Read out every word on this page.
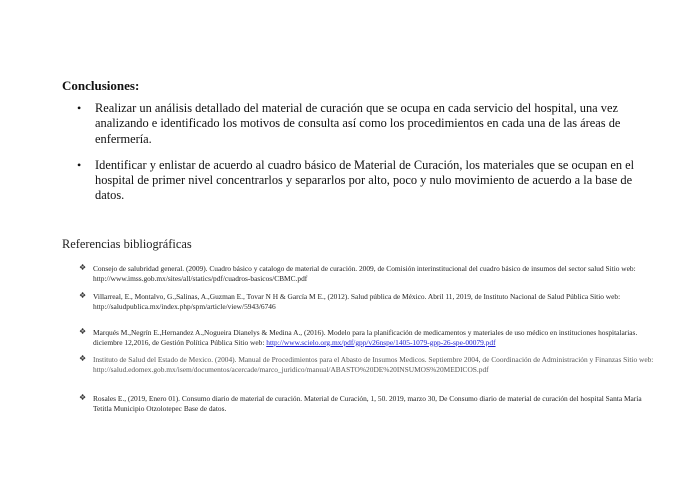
Conclusiones:
• Realizar un análisis detallado del material de curación que se ocupa en cada servicio del hospital, una vez analizando e identificado los motivos de consulta así como los procedimientos en cada una de las áreas de enfermería.
• Identificar y enlistar de acuerdo al cuadro básico de Material de Curación, los materiales que se ocupan en el hospital de primer nivel concentrarlos y separarlos por alto, poco y nulo movimiento de acuerdo a la base de datos.
Referencias bibliográficas
❖ Consejo de salubridad general. (2009). Cuadro básico y catalogo de material de curación. 2009, de Comisión interinstitucional del cuadro básico de insumos del sector salud Sitio web: http://www.imss.gob.mx/sites/all/statics/pdf/cuadros-basicos/CBMC.pdf
❖ Villarreal, E., Montalvo, G.,Salinas, A.,Guzman E., Tovar N H & García M E., (2012). Salud pública de México. Abril 11, 2019, de Instituto Nacional de Salud Pública Sitio web: http://saludpublica.mx/index.php/spm/article/view/5943/6746
❖ Marqués M.,Negrín E.,Hernandez A.,Nogueira Dianelys & Medina A., (2016). Modelo para la planificación de medicamentos y materiales de uso médico en instituciones hospitalarias. diciembre 12,2016, de Gestión Política Pública Sitio web: http://www.scielo.org.mx/pdf/gpp/v26nspe/1405-1079-gpp-26-spe-00079.pdf
❖ Instituto de Salud del Estado de Mexico. (2004). Manual de Procedimientos para el Abasto de Insumos Medicos. Septiembre 2004, de Coordinación de Administración y Finanzas Sitio web: http://salud.edomex.gob.mx/isem/documentos/acercade/marco_juridico/manual/ABASTO%20DE%20INSUMOS%20MEDICOS.pdf
❖ Rosales E., (2019, Enero 01). Consumo diario de material de curación. Material de Curación, 1, 50. 2019, marzo 30, De Consumo diario de material de curación del hospital Santa María Tetitla Municipio Otzolotepec Base de datos.
